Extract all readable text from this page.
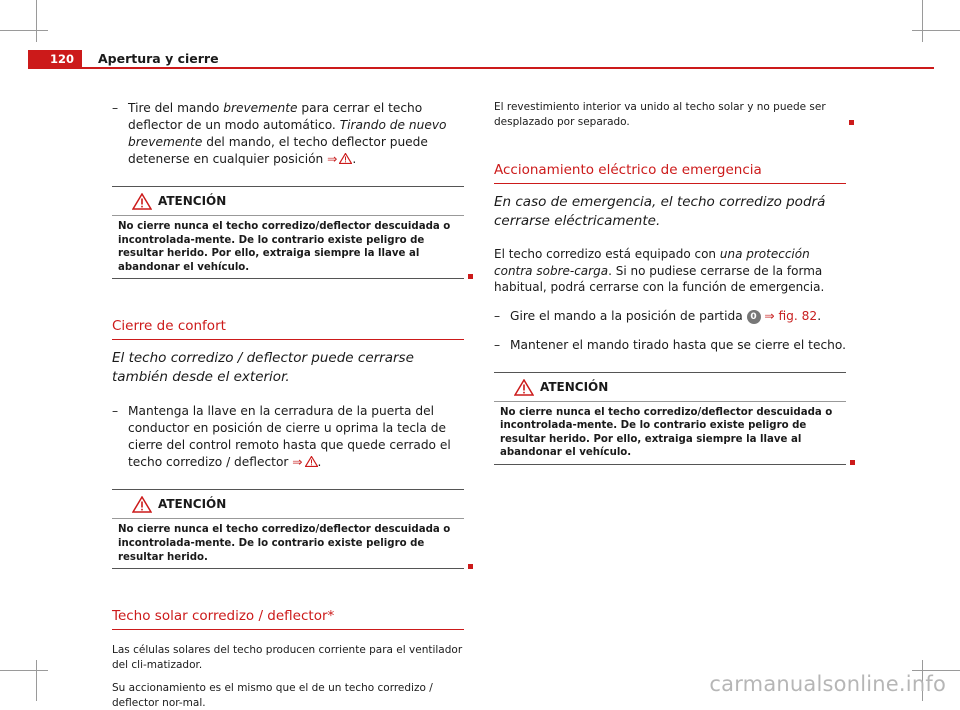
120	Apertura y cierre
– Tire del mando brevemente para cerrar el techo deflector de un modo automático. Tirando de nuevo brevemente del mando, el techo deflector puede detenerse en cualquier posición ⇒ .
ATENCIÓN
No cierre nunca el techo corredizo/deflector descuidada o incontrolada-mente. De lo contrario existe peligro de resultar herido. Por ello, extraiga siempre la llave al abandonar el vehículo.
Cierre de confort

El techo corredizo / deflector puede cerrarse también desde el exterior.

– Mantenga la llave en la cerradura de la puerta del conductor en posición de cierre u oprima la tecla de cierre del control remoto hasta que quede cerrado el techo corredizo / deflector ⇒ .
ATENCIÓN
No cierre nunca el techo corredizo/deflector descuidada o incontrolada-mente. De lo contrario existe peligro de resultar herido.
Techo solar corredizo / deflector*

Las células solares del techo producen corriente para el ventilador del cli-matizador.

Su accionamiento es el mismo que el de un techo corredizo / deflector nor-mal.

El revestimiento interior va unido al techo solar y no puede ser desplazado por separado.

Accionamiento eléctrico de emergencia

En caso de emergencia, el techo corredizo podrá cerrarse eléctricamente.

El techo corredizo está equipado con una protección contra sobre-carga. Si no pudiese cerrarse de la forma habitual, podrá cerrarse con la función de emergencia.

– Gire el mando a la posición de partida 0 ⇒ fig. 82.
– Mantener el mando tirado hasta que se cierre el techo.
ATENCIÓN
No cierre nunca el techo corredizo/deflector descuidada o incontrolada-mente. De lo contrario existe peligro de resultar herido. Por ello, extraiga siempre la llave al abandonar el vehículo.
carmanualsonline.info
